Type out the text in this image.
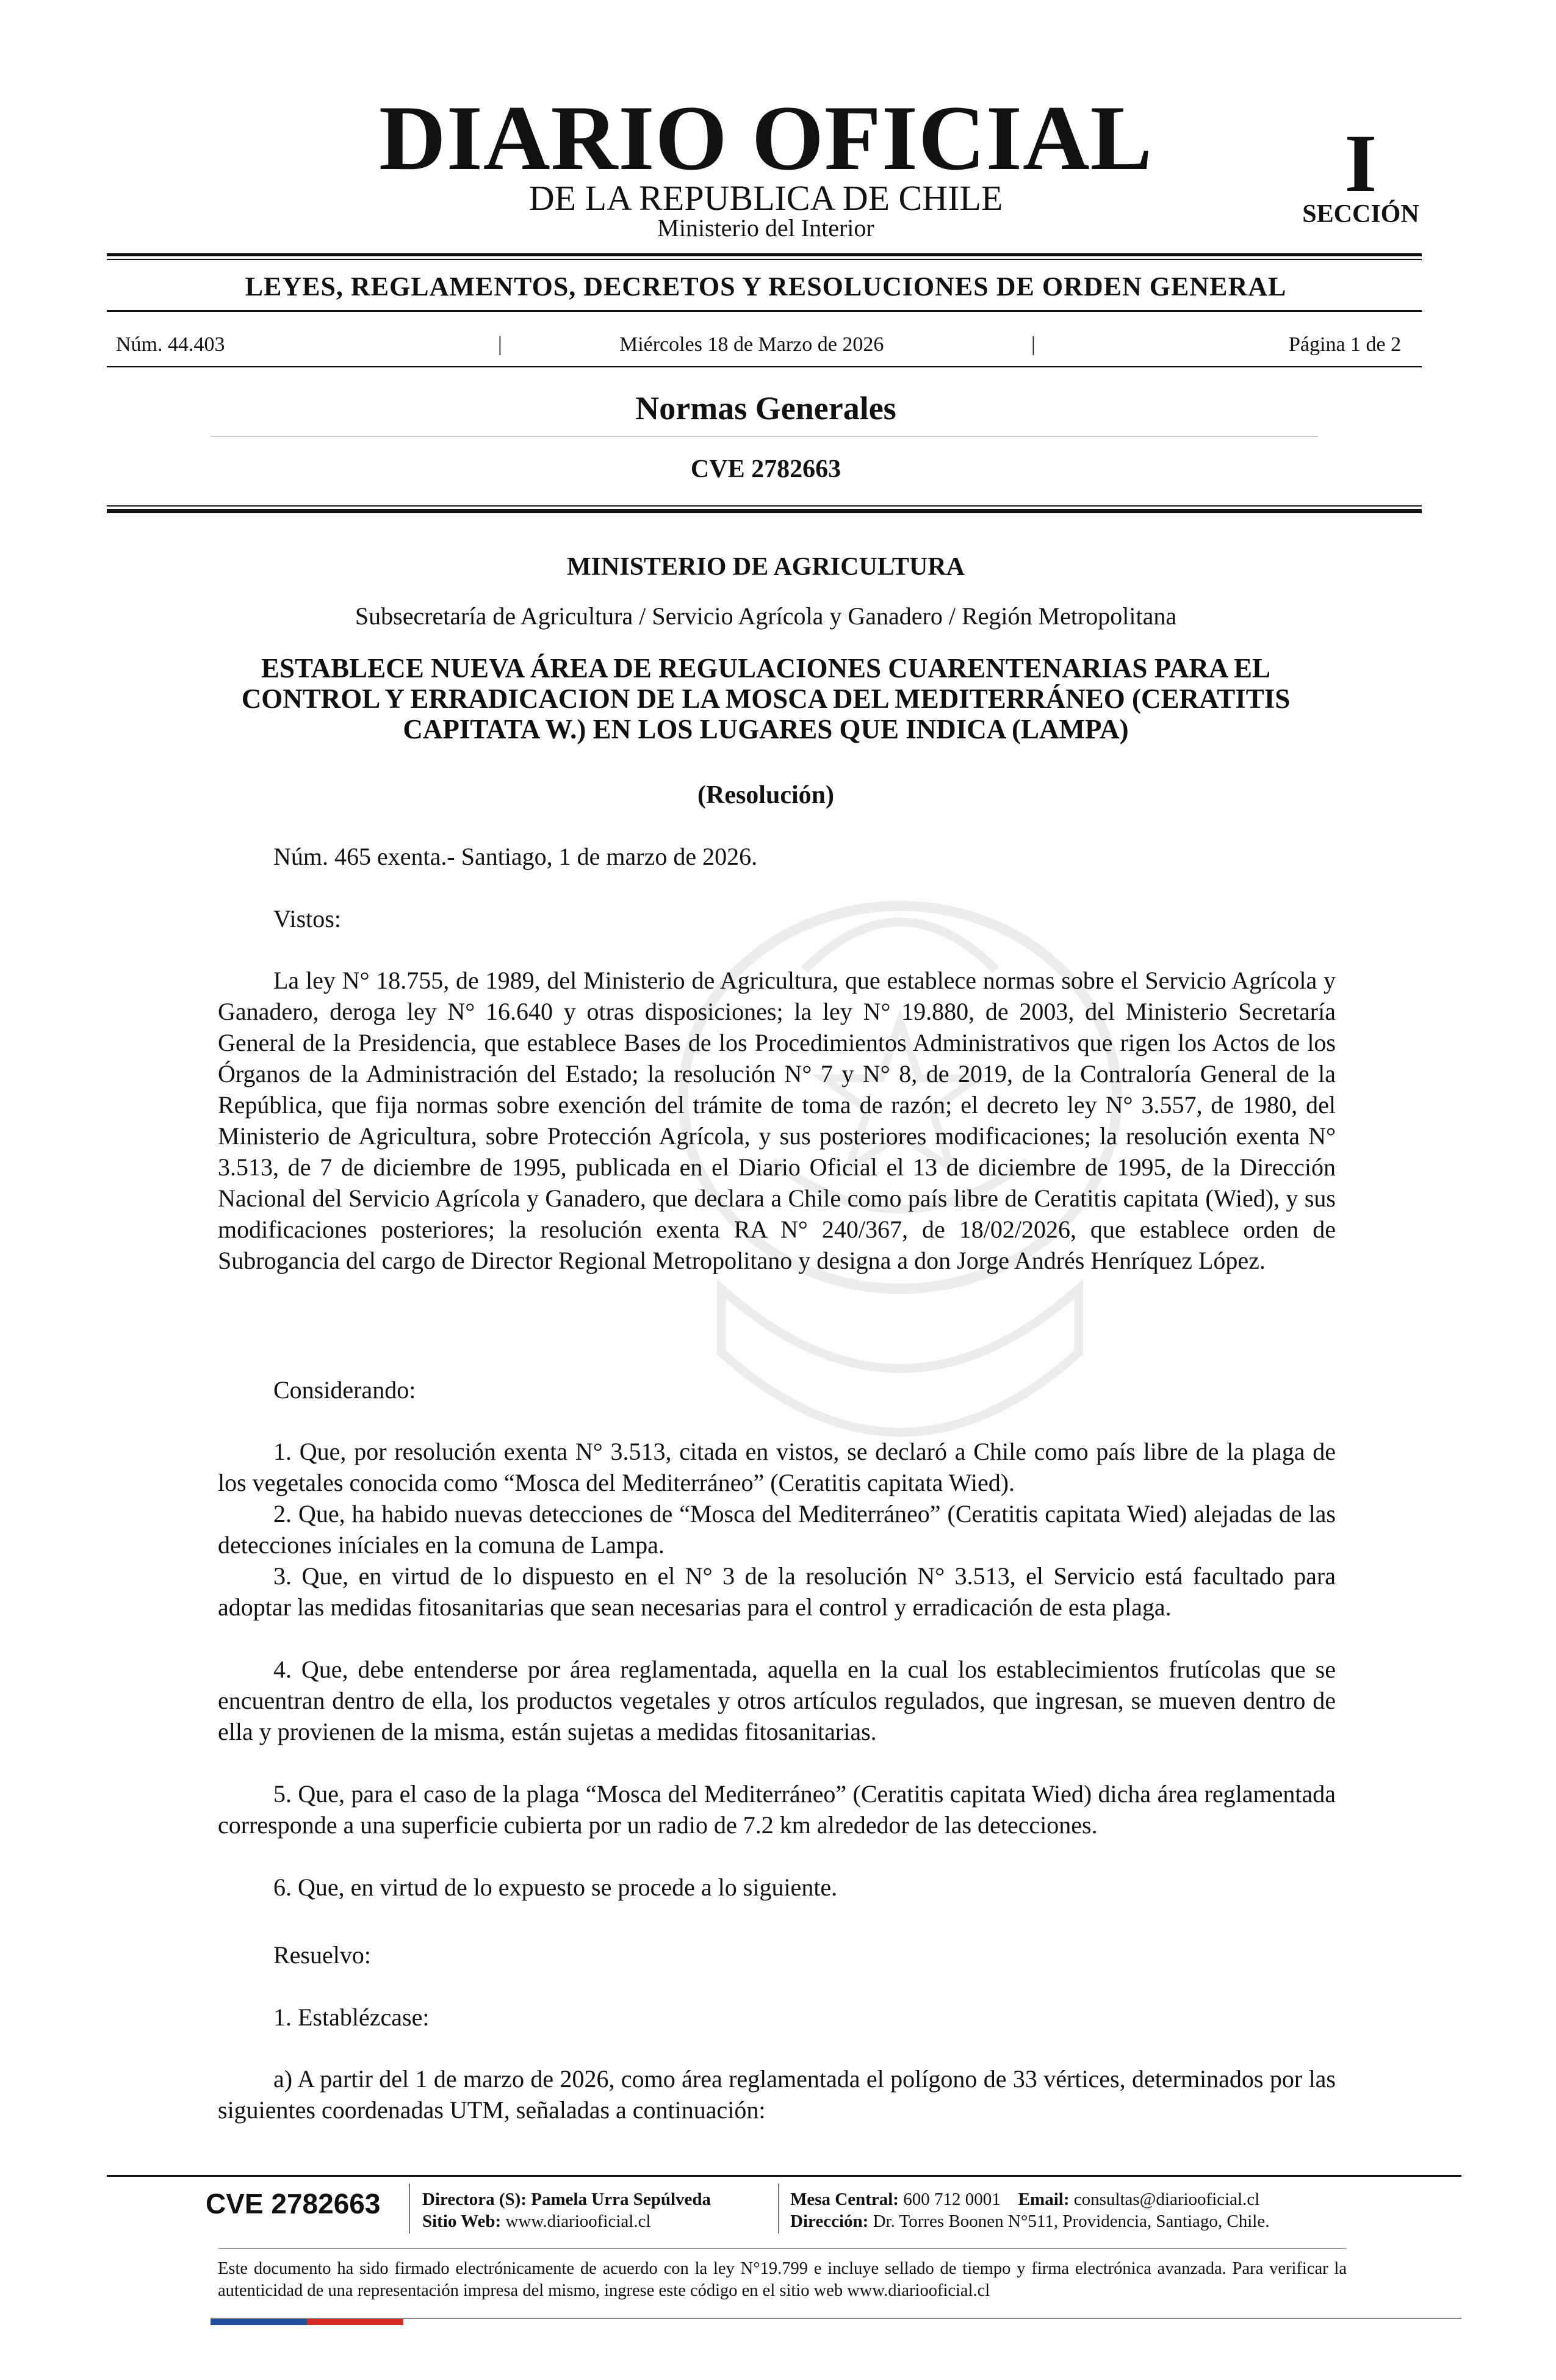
DIARIO OFICIAL
DE LA REPUBLICA DE CHILE
Ministerio del Interior
I
SECCIÓN
LEYES, REGLAMENTOS, DECRETOS Y RESOLUCIONES DE ORDEN GENERAL
Núm. 44.403	|	Miércoles 18 de Marzo de 2026	|	Página 1 de 2
Normas Generales
CVE 2782663
MINISTERIO DE AGRICULTURA
Subsecretaría de Agricultura / Servicio Agrícola y Ganadero / Región Metropolitana
ESTABLECE NUEVA ÁREA DE REGULACIONES CUARENTENARIAS PARA EL CONTROL Y ERRADICACION DE LA MOSCA DEL MEDITERRÁNEO (CERATITIS CAPITATA W.) EN LOS LUGARES QUE INDICA (LAMPA)
(Resolución)
Núm. 465 exenta.- Santiago, 1 de marzo de 2026.
Vistos:

La ley N° 18.755, de 1989, del Ministerio de Agricultura, que establece normas sobre el Servicio Agrícola y Ganadero, deroga ley N° 16.640 y otras disposiciones; la ley N° 19.880, de 2003, del Ministerio Secretaría General de la Presidencia, que establece Bases de los Procedimientos Administrativos que rigen los Actos de los Órganos de la Administración del Estado; la resolución N° 7 y N° 8, de 2019, de la Contraloría General de la República, que fija normas sobre exención del trámite de toma de razón; el decreto ley N° 3.557, de 1980, del Ministerio de Agricultura, sobre Protección Agrícola, y sus posteriores modificaciones; la resolución exenta N° 3.513, de 7 de diciembre de 1995, publicada en el Diario Oficial el 13 de diciembre de 1995, de la Dirección Nacional del Servicio Agrícola y Ganadero, que declara a Chile como país libre de Ceratitis capitata (Wied), y sus modificaciones posteriores; la resolución exenta RA N° 240/367, de 18/02/2026, que establece orden de Subrogancia del cargo de Director Regional Metropolitano y designa a don Jorge Andrés Henríquez López.

Considerando:

1. Que, por resolución exenta N° 3.513, citada en vistos, se declaró a Chile como país libre de la plaga de los vegetales conocida como “Mosca del Mediterráneo” (Ceratitis capitata Wied).

2. Que, ha habido nuevas detecciones de “Mosca del Mediterráneo” (Ceratitis capitata Wied) alejadas de las detecciones iníciales en la comuna de Lampa.

3. Que, en virtud de lo dispuesto en el N° 3 de la resolución N° 3.513, el Servicio está facultado para adoptar las medidas fitosanitarias que sean necesarias para el control y erradicación de esta plaga.

4. Que, debe entenderse por área reglamentada, aquella en la cual los establecimientos frutícolas que se encuentran dentro de ella, los productos vegetales y otros artículos regulados, que ingresan, se mueven dentro de ella y provienen de la misma, están sujetas a medidas fitosanitarias.

5. Que, para el caso de la plaga “Mosca del Mediterráneo” (Ceratitis capitata Wied) dicha área reglamentada corresponde a una superficie cubierta por un radio de 7.2 km alrededor de las detecciones.

6. Que, en virtud de lo expuesto se procede a lo siguiente.

Resuelvo:
1. Establézcase:

a) A partir del 1 de marzo de 2026, como área reglamentada el polígono de 33 vértices, determinados por las siguientes coordenadas UTM, señaladas a continuación:

CVE 2782663 Directora (S): Pamela Urra Sepúlveda
Sitio Web: www.diariooficial.cl
Mesa Central: 600 712 0001 Email: consultas@diariooficial.cl
Dirección: Dr. Torres Boonen N°511, Providencia, Santiago, Chile.

Este documento ha sido firmado electrónicamente de acuerdo con la ley N°19.799 e incluye sellado de tiempo y firma electrónica avanzada. Para verificar la autenticidad de una representación impresa del mismo, ingrese este código en el sitio web www.diariooficial.cl
